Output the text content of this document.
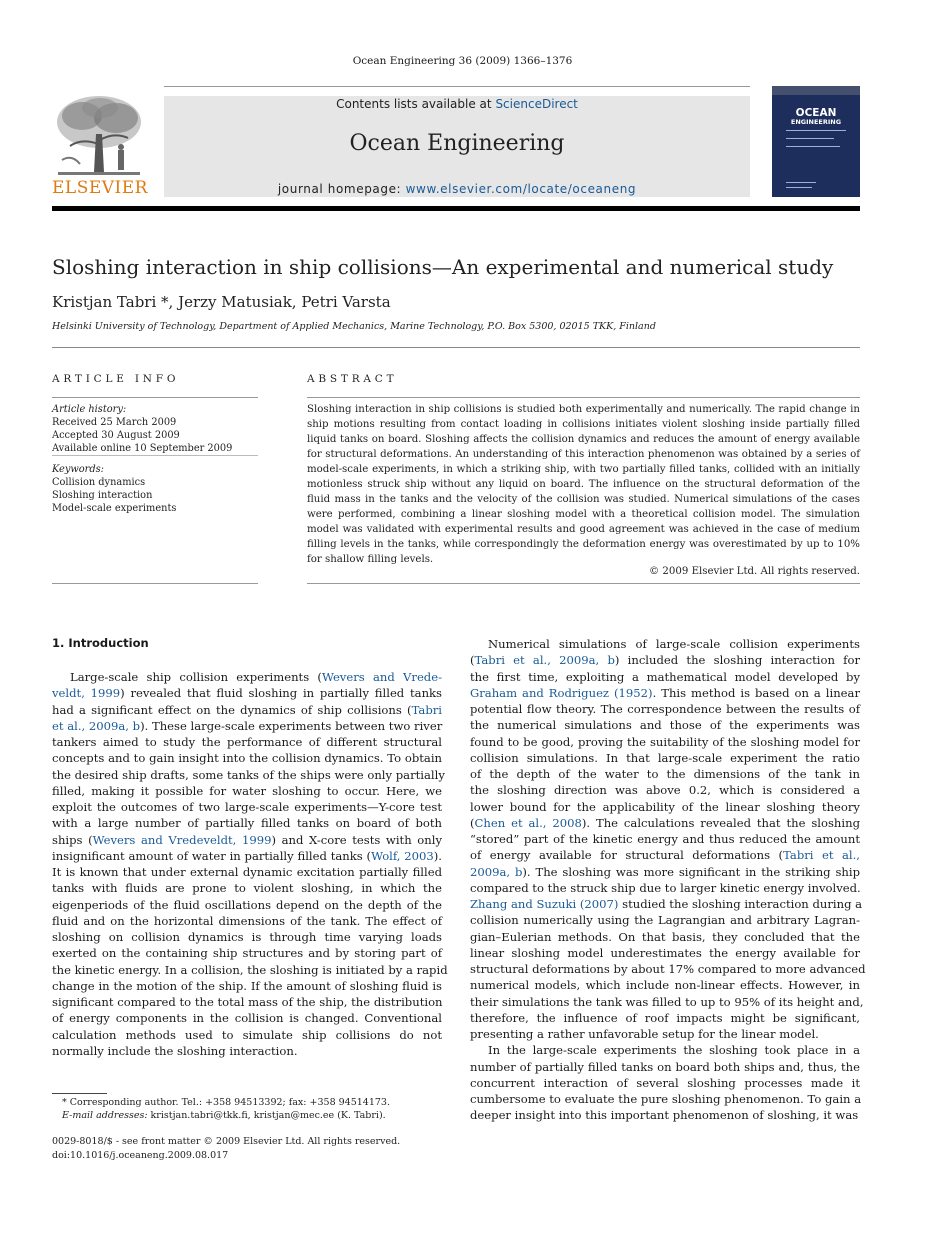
Ocean Engineering 36 (2009) 1366–1376
ELSEVIER
Contents lists available at ScienceDirect
Ocean Engineering
journal homepage: www.elsevier.com/locate/oceaneng
OCEAN
ENGINEERING
Sloshing interaction in ship collisions—An experimental and numerical study
Kristjan Tabri *, Jerzy Matusiak, Petri Varsta
Helsinki University of Technology, Department of Applied Mechanics, Marine Technology, P.O. Box 5300, 02015 TKK, Finland
ARTICLE INFO	ABSTRACT
Article history:
Received 25 March 2009
Accepted 30 August 2009
Available online 10 September 2009
Keywords:
Collision dynamics
Sloshing interaction
Model-scale experiments
Sloshing interaction in ship collisions is studied both experimentally and numerically. The rapid change in ship motions resulting from contact loading in collisions initiates violent sloshing inside partially filled liquid tanks on board. Sloshing affects the collision dynamics and reduces the amount of energy available for structural deformations. An understanding of this interaction phenomenon was obtained by a series of model-scale experiments, in which a striking ship, with two partially filled tanks, collided with an initially motionless struck ship without any liquid on board. The influence on the structural deformation of the fluid mass in the tanks and the velocity of the collision was studied. Numerical simulations of the cases were performed, combining a linear sloshing model with a theoretical collision model. The simulation model was validated with experimental results and good agreement was achieved in the case of medium filling levels in the tanks, while correspondingly the deformation energy was overestimated by up to 10% for shallow filling levels.
© 2009 Elsevier Ltd. All rights reserved.
1. Introduction
Large-scale ship collision experiments (Wevers and Vrede-
veldt, 1999) revealed that fluid sloshing in partially filled tanks
had a significant effect on the dynamics of ship collisions (Tabri
et al., 2009a, b). These large-scale experiments between two river
tankers aimed to study the performance of different structural
concepts and to gain insight into the collision dynamics. To obtain
the desired ship drafts, some tanks of the ships were only partially
filled, making it possible for water sloshing to occur. Here, we
exploit the outcomes of two large-scale experiments—Y-core test
with a large number of partially filled tanks on board of both
ships (Wevers and Vredeveldt, 1999) and X-core tests with only
insignificant amount of water in partially filled tanks (Wolf, 2003).
It is known that under external dynamic excitation partially filled
tanks with fluids are prone to violent sloshing, in which the
eigenperiods of the fluid oscillations depend on the depth of the
fluid and on the horizontal dimensions of the tank. The effect of
sloshing on collision dynamics is through time varying loads
exerted on the containing ship structures and by storing part of
the kinetic energy. In a collision, the sloshing is initiated by a rapid
change in the motion of the ship. If the amount of sloshing fluid is
significant compared to the total mass of the ship, the distribution
of energy components in the collision is changed. Conventional
calculation methods used to simulate ship collisions do not
normally include the sloshing interaction.
Numerical simulations of large-scale collision experiments
(Tabri et al., 2009a, b) included the sloshing interaction for
the first time, exploiting a mathematical model developed by
Graham and Rodriguez (1952). This method is based on a linear
potential flow theory. The correspondence between the results of
the numerical simulations and those of the experiments was
found to be good, proving the suitability of the sloshing model for
collision simulations. In that large-scale experiment the ratio
of the depth of the water to the dimensions of the tank in
the sloshing direction was above 0.2, which is considered a
lower bound for the applicability of the linear sloshing theory
(Chen et al., 2008). The calculations revealed that the sloshing
“stored” part of the kinetic energy and thus reduced the amount
of energy available for structural deformations (Tabri et al.,
2009a, b). The sloshing was more significant in the striking ship
compared to the struck ship due to larger kinetic energy involved.
Zhang and Suzuki (2007) studied the sloshing interaction during a
collision numerically using the Lagrangian and arbitrary Lagran-
gian–Eulerian methods. On that basis, they concluded that the
linear sloshing model underestimates the energy available for
structural deformations by about 17% compared to more advanced
numerical models, which include non-linear effects. However, in
their simulations the tank was filled to up to 95% of its height and,
therefore, the influence of roof impacts might be significant,
presenting a rather unfavorable setup for the linear model.
In the large-scale experiments the sloshing took place in a
number of partially filled tanks on board both ships and, thus, the
concurrent interaction of several sloshing processes made it
cumbersome to evaluate the pure sloshing phenomenon. To gain a
deeper insight into this important phenomenon of sloshing, it was
* Corresponding author. Tel.: +358 94513392; fax: +358 94514173.
E-mail addresses: kristjan.tabri@tkk.fi, kristjan@mec.ee (K. Tabri).
0029-8018/$ - see front matter © 2009 Elsevier Ltd. All rights reserved.
doi:10.1016/j.oceaneng.2009.08.017
